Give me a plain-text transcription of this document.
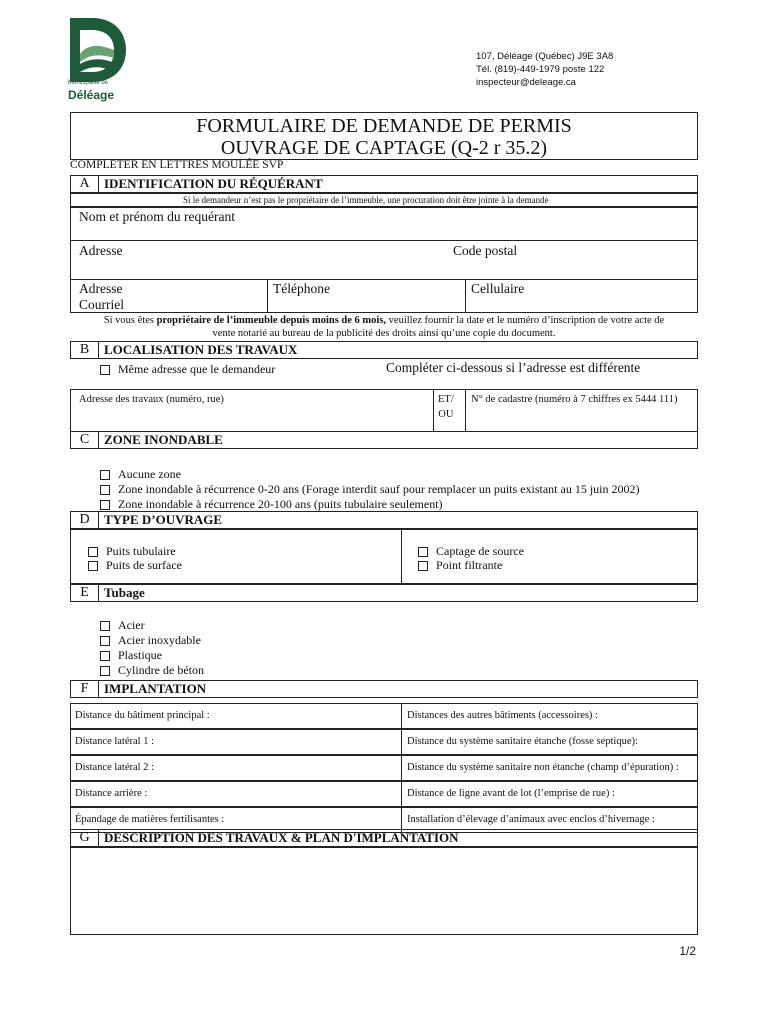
Municipalité de
Déléage
107, Déléage (Québec) J9E 3A8
Tél. (819)-449-1979 poste 122
inspecteur@deleage.ca
FORMULAIRE DE DEMANDE DE PERMIS
OUVRAGE DE CAPTAGE (Q-2 r 35.2)
COMPLETER EN LETTRES MOULÉE SVP
A	IDENTIFICATION DU RÉQUÉRANT
Si le demandeur n’est pas le propriétaire de l’immeuble, une procuration doit être jointe à la demande
Nom et prénom du requérant
Adresse	Code postal
Adresse
Courriel
Téléphone	Cellulaire
Si vous êtes propriétaire de l’immeuble depuis moins de 6 mois, veuillez fournir la date et le numéro d’inscription de votre acte de
vente notarié au bureau de la publicité des droits ainsi qu’une copie du document.
B	LOCALISATION DES TRAVAUX
Même adresse que le demandeur	Compléter ci-dessous si l’adresse est différente
Adresse des travaux (numéro, rue)	ET/
OU
N° de cadastre (numéro à 7 chiffres ex 5444 111)
C	ZONE INONDABLE
Aucune zone
Zone inondable à récurrence 0-20 ans (Forage interdit sauf pour remplacer un puits existant au 15 juin 2002)
Zone inondable à récurrence 20-100 ans (puits tubulaire seulement)
D	TYPE D’OUVRAGE
Puits tubulaire
Puits de surface
Captage de source
Point filtrante
E	Tubage
Acier
Acier inoxydable
Plastique
Cylindre de béton
F	IMPLANTATION
Distance du bâtiment principal :	Distances des autres bâtiments (accessoires) :
Distance latéral 1 :	Distance du système sanitaire étanche (fosse septique):
Distance latéral 2 :	Distance du système sanitaire non étanche (champ d’épuration) :
Distance arrière :	Distance de ligne avant de lot (l’emprise de rue) :
Épandage de matières fertilisantes :	Installation d’élevage d’animaux avec enclos d’hivernage :
G	DESCRIPTION DES TRAVAUX & PLAN D'IMPLANTATION
1/2
